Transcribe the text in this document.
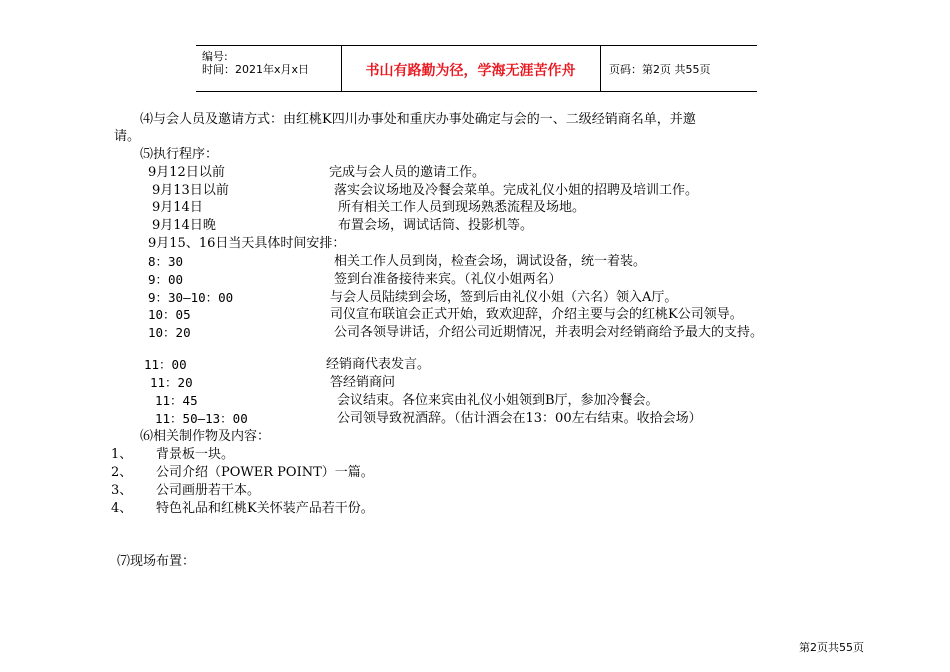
编号:
时间：2021年x月x日	书山有路勤为径，学海无涯苦作舟	页码：第2页 共55页
⑷与会人员及邀请方式：由红桃K四川办事处和重庆办事处确定与会的一、二级经销商名单，并邀
请。
⑸执行程序：
9月12日以前	完成与会人员的邀请工作。
9月13日以前	落实会议场地及冷餐会菜单。完成礼仪小姐的招聘及培训工作。
9月14日	所有相关工作人员到现场熟悉流程及场地。
9月14日晚	布置会场，调试话筒、投影机等。
9月15、16日当天具体时间安排：
8：30	相关工作人员到岗，检查会场，调试设备，统一着装。
9：00	签到台准备接待来宾。（礼仪小姐两名）
9：30—10：00	与会人员陆续到会场，签到后由礼仪小姐（六名）领入A厅。
10：05	司仪宣布联谊会正式开始，致欢迎辞，介绍主要与会的红桃K公司领导。
10：20	公司各领导讲话，介绍公司近期情况，并表明会对经销商给予最大的支持。
11：00	经销商代表发言。
11：20	答经销商问
11：45	会议结束。各位来宾由礼仪小姐领到B厅，参加冷餐会。
11：50—13：00	公司领导致祝酒辞。（估计酒会在13：00左右结束。收拾会场）
⑹相关制作物及内容：
1、 背景板一块。
2、 公司介绍（POWER POINT）一篇。
3、 公司画册若干本。
4、 特色礼品和红桃K关怀装产品若干份。
⑺现场布置：
第2页共55页
